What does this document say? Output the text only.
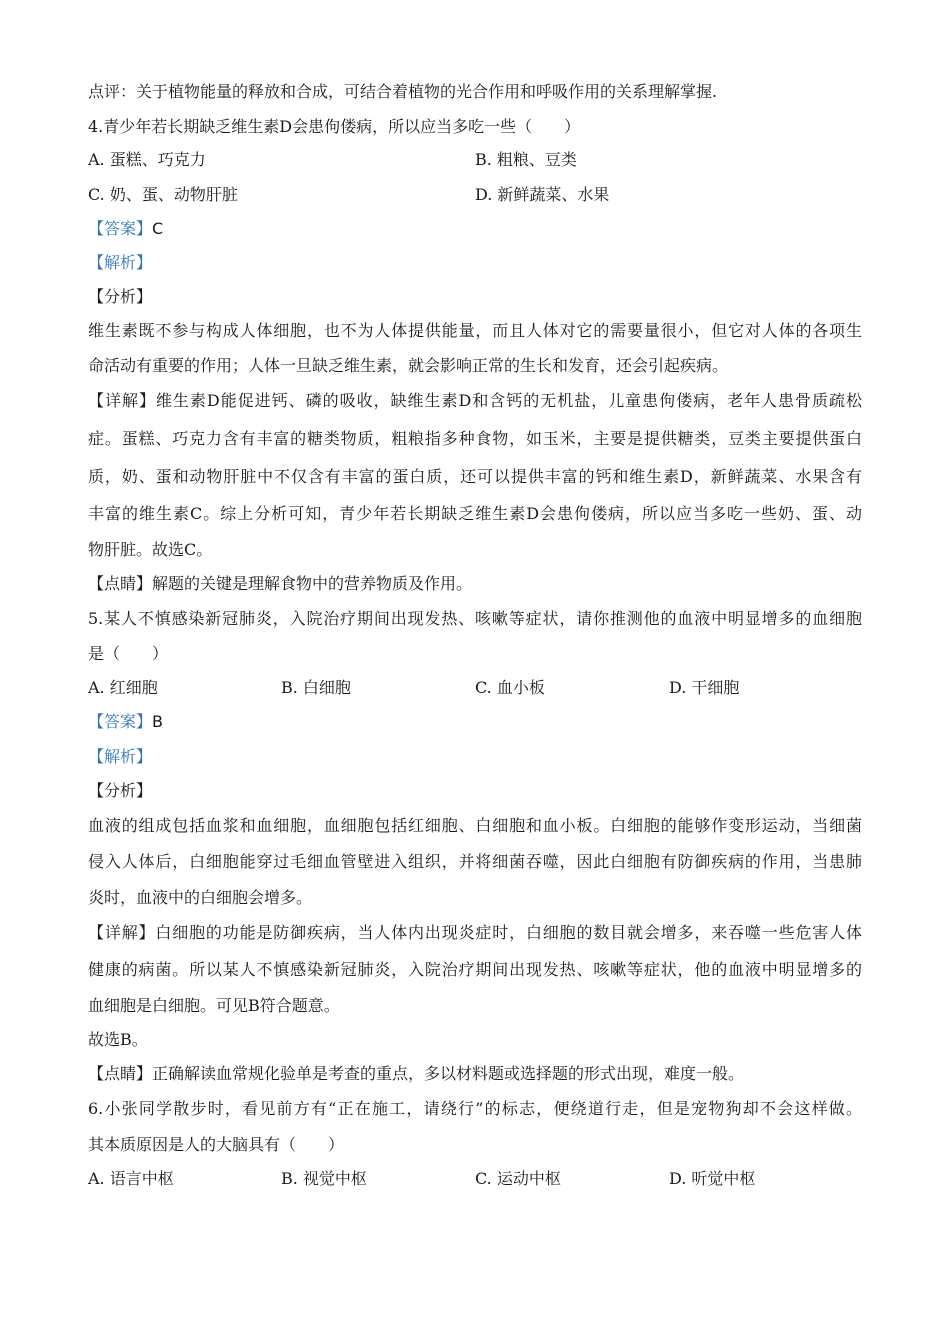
点评：关于植物能量的释放和合成，可结合着植物的光合作用和呼吸作用的关系理解掌握.
4.青少年若长期缺乏维生素D会患佝偻病，所以应当多吃一些（　　）
A. 蛋糕、巧克力	B. 粗粮、豆类
C. 奶、蛋、动物肝脏	D. 新鲜蔬菜、水果
【答案】C
【解析】
【分析】
维生素既不参与构成人体细胞，也不为人体提供能量，而且人体对它的需要量很小，但它对人体的各项生
命活动有重要的作用；人体一旦缺乏维生素，就会影响正常的生长和发育，还会引起疾病。
【详解】维生素D能促进钙、磷的吸收，缺维生素D和含钙的无机盐，儿童患佝偻病，老年人患骨质疏松
症。蛋糕、巧克力含有丰富的糖类物质，粗粮指多种食物，如玉米，主要是提供糖类，豆类主要提供蛋白
质，奶、蛋和动物肝脏中不仅含有丰富的蛋白质，还可以提供丰富的钙和维生素D，新鲜蔬菜、水果含有
丰富的维生素C。综上分析可知，青少年若长期缺乏维生素D会患佝偻病，所以应当多吃一些奶、蛋、动
物肝脏。故选C。
【点睛】解题的关键是理解食物中的营养物质及作用。
5.某人不慎感染新冠肺炎，入院治疗期间出现发热、咳嗽等症状，请你推测他的血液中明显增多的血细胞
是（　　）
A. 红细胞	B. 白细胞	C. 血小板	D. 干细胞
【答案】B
【解析】
【分析】
血液的组成包括血浆和血细胞，血细胞包括红细胞、白细胞和血小板。白细胞的能够作变形运动，当细菌
侵入人体后，白细胞能穿过毛细血管壁进入组织，并将细菌吞噬，因此白细胞有防御疾病的作用，当患肺
炎时，血液中的白细胞会增多。
【详解】白细胞的功能是防御疾病，当人体内出现炎症时，白细胞的数目就会增多，来吞噬一些危害人体
健康的病菌。所以某人不慎感染新冠肺炎，入院治疗期间出现发热、咳嗽等症状，他的血液中明显增多的
血细胞是白细胞。可见B符合题意。
故选B。
【点睛】正确解读血常规化验单是考查的重点，多以材料题或选择题的形式出现，难度一般。
6.小张同学散步时，看见前方有“正在施工，请绕行”的标志，便绕道行走，但是宠物狗却不会这样做。
其本质原因是人的大脑具有（　　）
A. 语言中枢	B. 视觉中枢	C. 运动中枢	D. 听觉中枢
